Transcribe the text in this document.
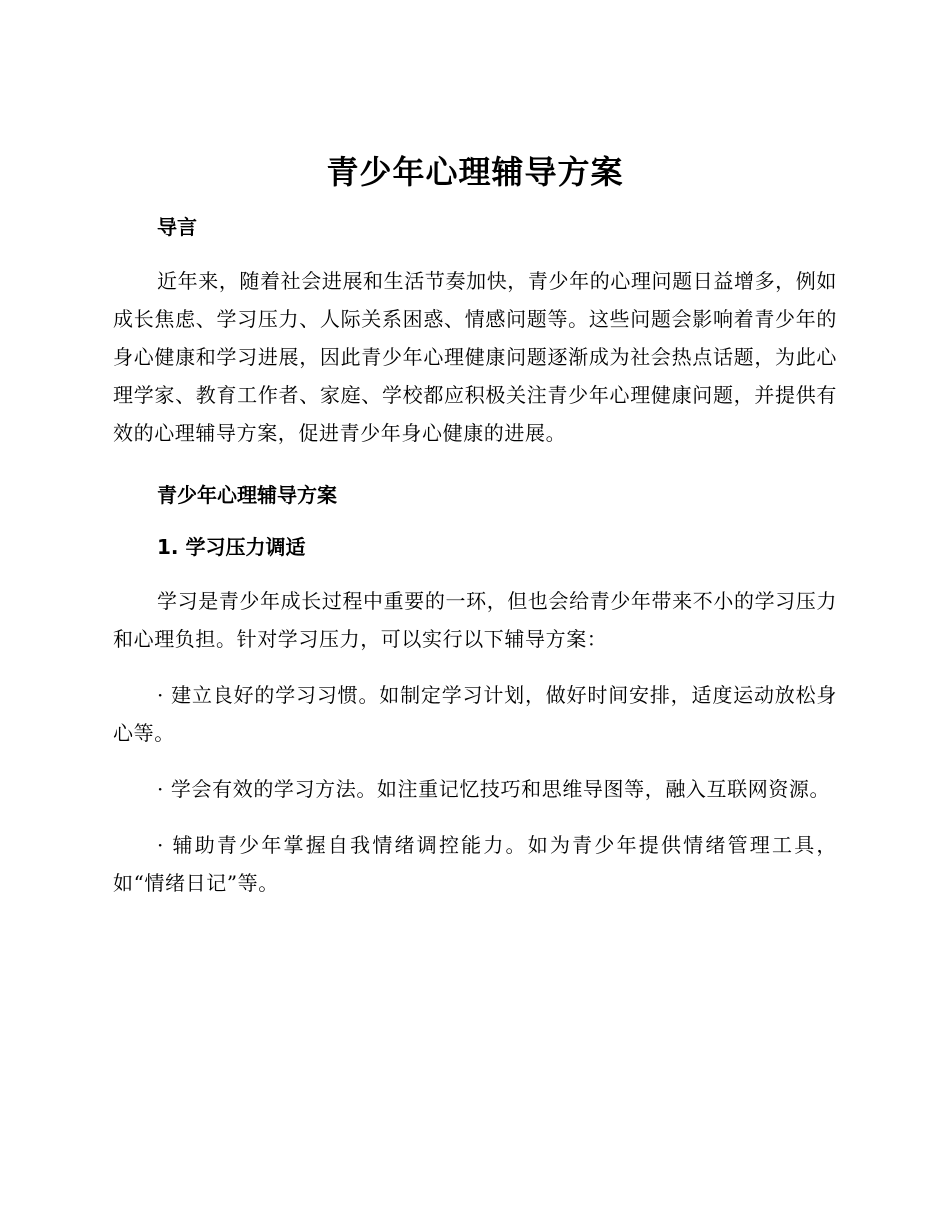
青少年心理辅导方案
导言

近年来，随着社会进展和生活节奏加快，青少年的心理问题日益增多，例如成长焦虑、学习压力、人际关系困惑、情感问题等。这些问题会影响着青少年的身心健康和学习进展，因此青少年心理健康问题逐渐成为社会热点话题，为此心理学家、教育工作者、家庭、学校都应积极关注青少年心理健康问题，并提供有效的心理辅导方案，促进青少年身心健康的进展。

青少年心理辅导方案
1. 学习压力调适

学习是青少年成长过程中重要的一环，但也会给青少年带来不小的学习压力和心理负担。针对学习压力，可以实行以下辅导方案：

· 建立良好的学习习惯。如制定学习计划，做好时间安排，适度运动放松身心等。

· 学会有效的学习方法。如注重记忆技巧和思维导图等，融入互联网资源。

· 辅助青少年掌握自我情绪调控能力。如为青少年提供情绪管理工具，如“情绪日记”等。
